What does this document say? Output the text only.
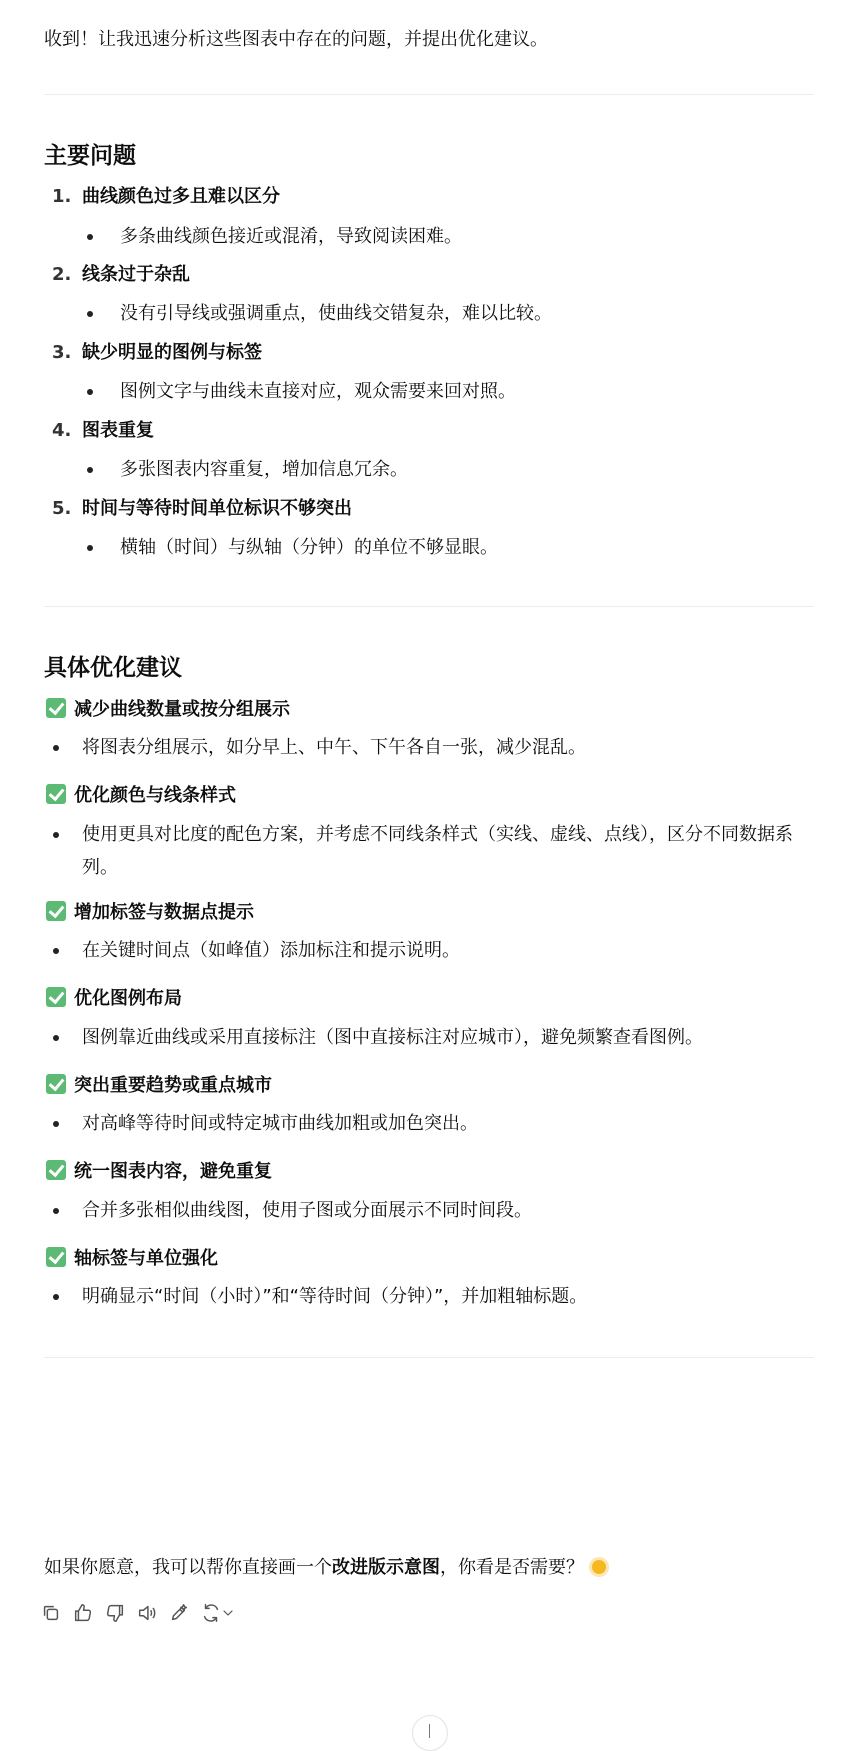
收到！让我迅速分析这些图表中存在的问题，并提出优化建议。

主要问题
1. 曲线颜色过多且难以区分
多条曲线颜色接近或混淆，导致阅读困难。
2. 线条过于杂乱
没有引导线或强调重点，使曲线交错复杂，难以比较。
3. 缺少明显的图例与标签
图例文字与曲线未直接对应，观众需要来回对照。
4. 图表重复
多张图表内容重复，增加信息冗余。
5. 时间与等待时间单位标识不够突出
横轴（时间）与纵轴（分钟）的单位不够显眼。
具体优化建议
减少曲线数量或按分组展示
将图表分组展示，如分早上、中午、下午各自一张，减少混乱。
优化颜色与线条样式
使用更具对比度的配色方案，并考虑不同线条样式（实线、虚线、点线），区分不同数据系列。
增加标签与数据点提示
在关键时间点（如峰值）添加标注和提示说明。
优化图例布局
图例靠近曲线或采用直接标注（图中直接标注对应城市），避免频繁查看图例。
突出重要趋势或重点城市
对高峰等待时间或特定城市曲线加粗或加色突出。
统一图表内容，避免重复
合并多张相似曲线图，使用子图或分面展示不同时间段。
轴标签与单位强化
明确显示“时间（小时）”和“等待时间（分钟）”，并加粗轴标题。
如果你愿意，我可以帮你直接画一个改进版示意图，你看是否需要？
